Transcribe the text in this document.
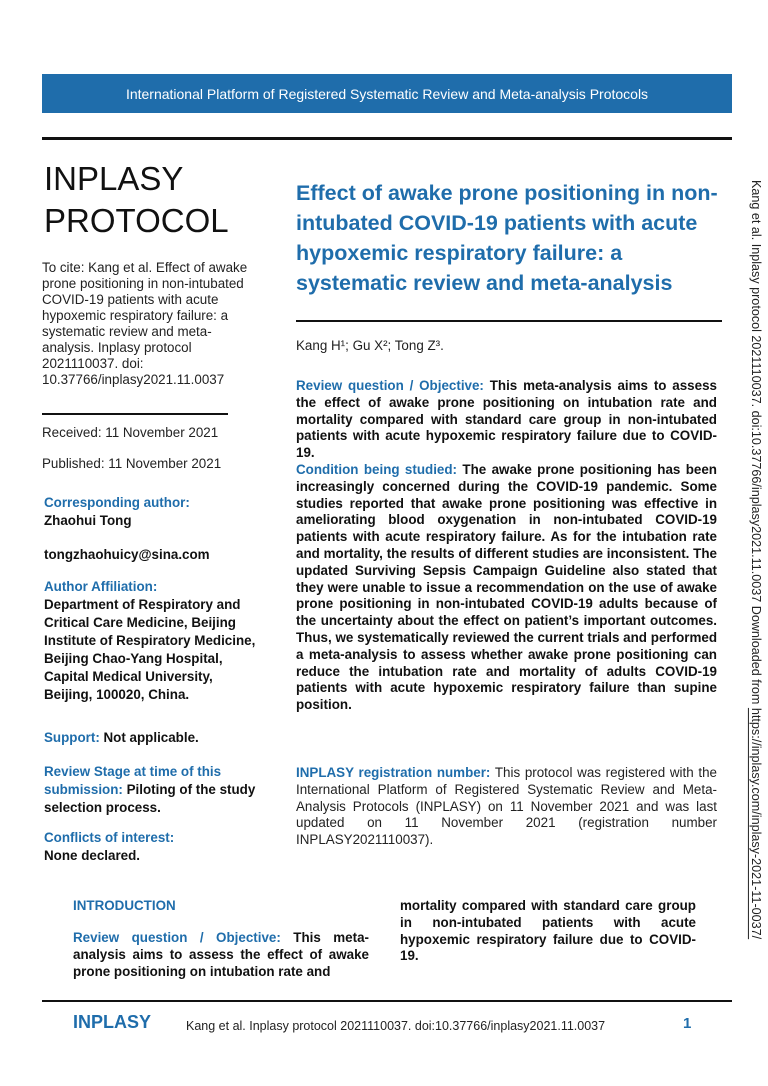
International Platform of Registered Systematic Review and Meta-analysis Protocols
INPLASY
PROTOCOL
To cite: Kang et al. Effect of awake prone positioning in non-intubated COVID-19 patients with acute hypoxemic respiratory failure: a systematic review and meta-analysis. Inplasy protocol 2021110037. doi: 10.37766/inplasy2021.11.0037
Received: 11 November 2021
Published: 11 November 2021
Corresponding author:
Zhaohui Tong
tongzhaohuicy@sina.com
Author Affiliation:
Department of Respiratory and Critical Care Medicine, Beijing Institute of Respiratory Medicine, Beijing Chao-Yang Hospital, Capital Medical University, Beijing, 100020, China.
Support: Not applicable.
Review Stage at time of this submission: Piloting of the study selection process.
Conflicts of interest:
None declared.
Effect of awake prone positioning in non-intubated COVID-19 patients with acute hypoxemic respiratory failure: a systematic review and meta-analysis
Kang H¹; Gu X²; Tong Z³.

Review question / Objective: This meta-analysis aims to assess the effect of awake prone positioning on intubation rate and mortality compared with standard care group in non-intubated patients with acute hypoxemic respiratory failure due to COVID-19.

Condition being studied: The awake prone positioning has been increasingly concerned during the COVID-19 pandemic. Some studies reported that awake prone positioning was effective in ameliorating blood oxygenation in non-intubated COVID-19 patients with acute respiratory failure. As for the intubation rate and mortality, the results of different studies are inconsistent. The updated Surviving Sepsis Campaign Guideline also stated that they were unable to issue a recommendation on the use of awake prone positioning in non-intubated COVID-19 adults because of the uncertainty about the effect on patient’s important outcomes. Thus, we systematically reviewed the current trials and performed a meta-analysis to assess whether awake prone positioning can reduce the intubation rate and mortality of adults COVID-19 patients with acute hypoxemic respiratory failure than supine position.

INPLASY registration number: This protocol was registered with the International Platform of Registered Systematic Review and Meta-Analysis Protocols (INPLASY) on 11 November 2021 and was last updated on 11 November 2021 (registration number INPLASY2021110037).
INTRODUCTION
Review question / Objective: This meta-analysis aims to assess the effect of awake prone positioning on intubation rate and
mortality compared with standard care group in non-intubated patients with acute hypoxemic respiratory failure due to COVID-19.
INPLASY	Kang et al. Inplasy protocol 2021110037. doi:10.37766/inplasy2021.11.0037	1
Kang et al. Inplasy protocol 2021110037. doi:10.37766/inplasy2021.11.0037 Downloaded from https://inplasy.com/inplasy-2021-11-0037/
